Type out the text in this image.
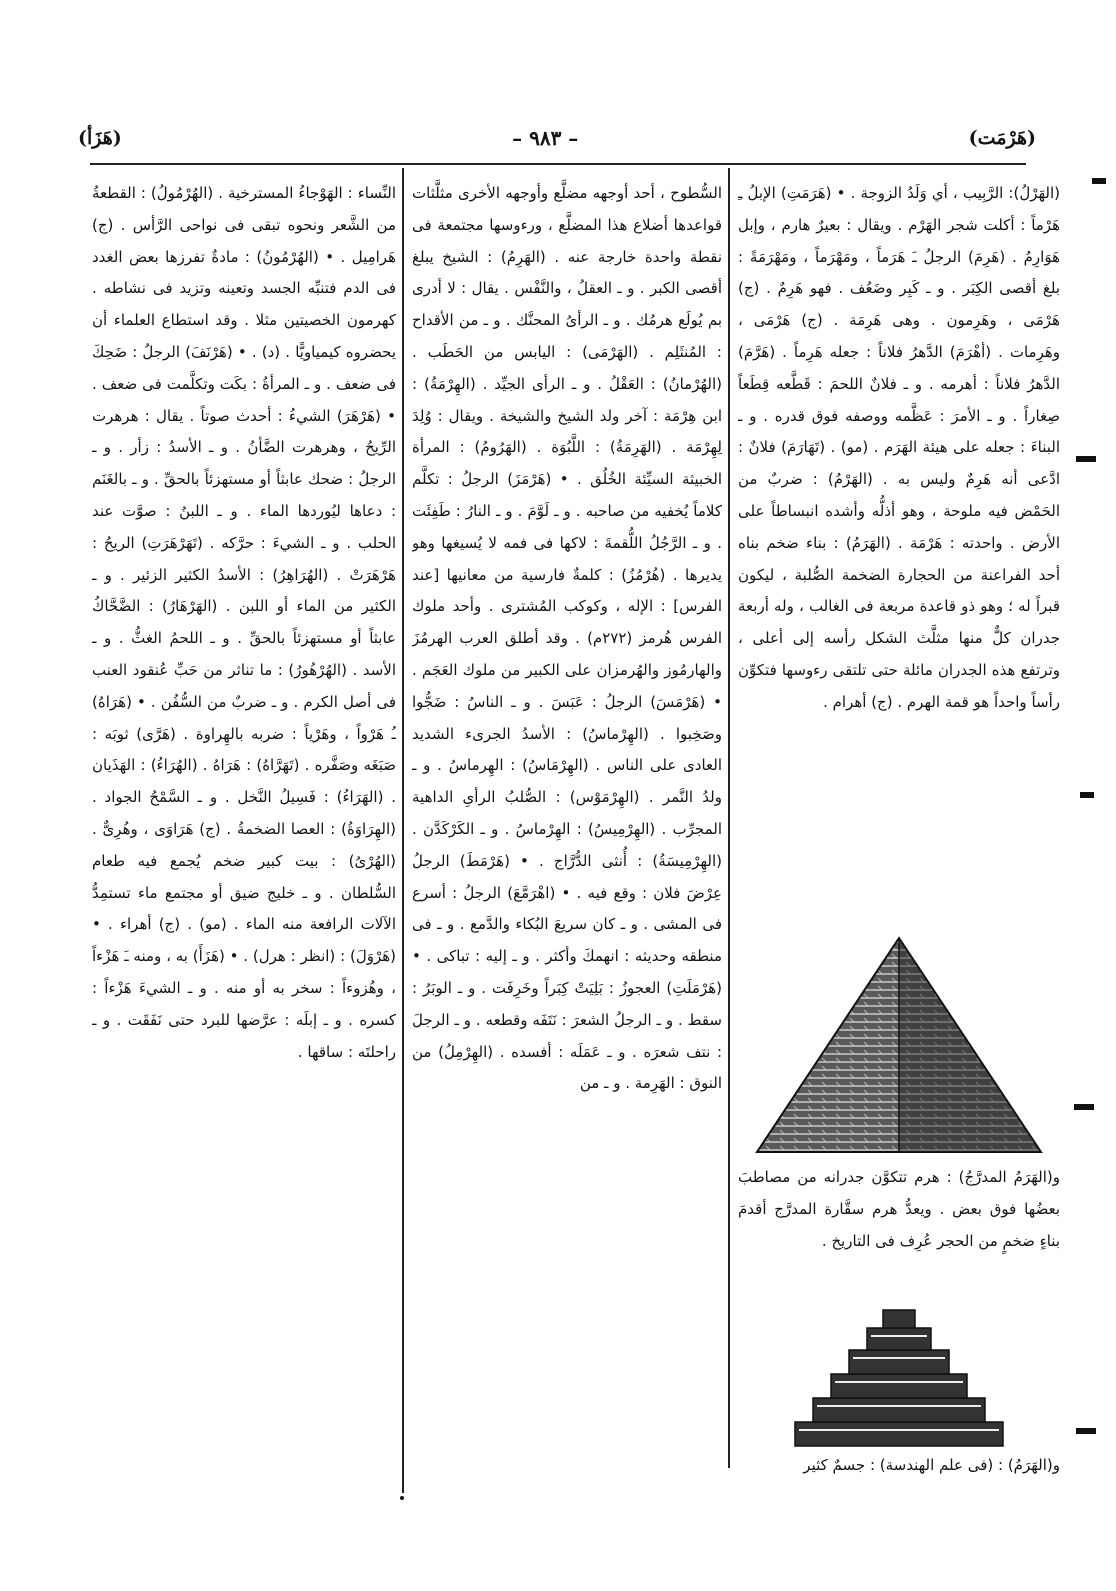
(هَرْمَت)
– ٩٨٣ –
(هَزَأ)

(الهَرْلُ): الرَّبِيب ، أي وَلَدُ الزوجة . • (هَرَمَتِ) الإبلُ ـِ هَرْماً : أكلت شجر الهَرْم . ويقال : بعيرٌ هارم ، وإبل هَوَارِمُ . (هَرِمَ) الرجلُ ـَ هَرَماً ، ومَهْرَماً ، ومَهْرَمَةً : بلغ أقصى الكِبَر . و ـ كَبِر وضَعُف . فهو هَرِمٌ . (ج) هَرْمَى ، وهَرِمون . وهى هَرِمَة . (ج) هَرْمَى ، وهَرِمات . (أهْرَمَ) الدَّهرُ فلاناً : جعله هَرِماً . (هَرَّمَ) الدَّهرُ فلاناً : أهرمه . و ـ فلانٌ اللحمَ : قَطَّعه قِطَعاً صِغاراً . و ـ الأمرَ : عَظَّمه ووصفه فوق قدره . و ـ البناءَ : جعله على هيئة الهَرَم . (مو) . (تَهَارَمَ) فلانٌ : ادَّعى أنه هَرِمٌ وليس به . (الهَرْمُ) : ضربٌ من الحَمْض فيه ملوحة ، وهو أذلُّه وأشده انبساطاً على الأرض . واحدته : هَرْمَة . (الهَرَمُ) : بناء ضخم بناه أحد الفراعنة من الحجارة الضخمة الصُّلبة ، ليكون قبراً له ؛ وهو ذو قاعدة مربعة فى الغالب ، وله أربعة جدران كلٌّ منها مثلَّث الشكل رأسه إلى أعلى ، وترتفع هذه الجدران مائلة حتى تلتقى رءوسها فتكوِّن رأساً واحداً هو قمة الهرم . (ج) أهرام .

و(الهَرَمُ المدرَّجُ) : هرم تتكوَّن جدرانه من مصاطبَ بعضُها فوق بعض . ويعدُّ هرم سقَّارة المدرَّج أقدمَ بناءٍ ضخمٍ من الحجر عُرِف فى التاريخ .

و(الهَرَمُ) : (فى علم الهندسة) : جسمٌ كثير

السُّطوح ، أحد أوجهه مضلَّع وأوجهه الأخرى مثلَّثات قواعدها أضلاع هذا المضلَّع ، ورءوسها مجتمعة فى نقطة واحدة خارجة عنه . (الهَرِمُ) : الشيخ يبلغ أقصى الكبر . و ـ العقلُ ، والنَّفْس . يقال : لا أدرى بم يُولَع هرمُك . و ـ الرأىُ المحنَّك . و ـ من الأقداح : المُنثَلِم . (الهَرْمَى) : اليابس من الحَطَب . (الهُرْمانُ) : العَقْلُ . و ـ الرأى الجيِّد . (الهِرْمَةُ) : ابن هِرْمَة : آخر ولد الشيخ والشيخة . ويقال : وُلِدَ لِهِرْمَة . (الهَرِمَةُ) : اللَّبُوَة . (الهَرُومُ) : المرأة الخبيثة السيِّئة الخُلُق . • (هَرْمَزَ) الرجلُ : تكلَّم كلاماً يُخفيه من صاحبه . و ـ لَوَّمَ . و ـ النارُ : طَفِئَت . و ـ الرَّجُلُ اللُّقمةَ : لاكها فى فمه لا يُسيغها وهو يديرها . (هُرْمُزُ) : كلمةٌ فارسية من معانيها [عند الفرس] : الإله ، وكوكب المُشترى . وأحد ملوك الفرس هُرمز (٢٧٢م) . وقد أطلق العرب الهرمُزَ والهارمُوز والهُرمزان على الكبير من ملوك العَجَم . • (هَرْمَسَ) الرجلُ : عَبَسَ . و ـ الناسُ : ضَجُّوا وصَخِبوا . (الهِرْماسُ) : الأسدُ الجرىء الشديد العادى على الناس . (الهِرْمَاسُ) : الهِرماسُ . و ـ ولدُ النَّمر . (الهِرْمَوْس) : الصُّلبُ الرأىِ الداهية المجرِّب . (الهِرْمِيسُ) : الهِرْماسُ . و ـ الكَرْكَدَّن . (الهِرْمِيسَةُ) : أُنثى الدُّرَّاج . • (هَرْمَطَ) الرجلُ عِرْضَ فلان : وقع فيه . • (اهْرَمَّعَ) الرجلُ : أسرع فى المشى . و ـ كان سريعَ البُكاء والدَّمع . و ـ فى منطقه وحديثه : انهمكَ وأكثر . و ـ إليه : تباكى . • (هَرْمَلَتِ) العجوزُ : بَلِيَتْ كِبَراً وخَرِفَت . و ـ الوبَرُ : سقط . و ـ الرجلُ الشعرَ : نَتَفَه وقطعه . و ـ الرجلَ : نتف شعرَه . و ـ عَمَلَه : أفسده . (الهِرْمِلُ) من النوق : الهَرِمة . و ـ من

النِّساء : الهَوْجاءُ المسترخية . (الهُرْمُولُ) : القطعةُ من الشَّعر ونحوه تبقى فى نواحى الرَّأس . (ج) هَرامِيل . • (الهُرْمُونُ) : مادةٌ تفرزها بعض الغدد فى الدم فتنبِّه الجسد وتعينه وتزيد فى نشاطه . كهرمون الخصيتين مثلا . وقد استطاع العلماء أن يحضروه كيمياويًّا . (د) . • (هَرْنَفَ) الرجلُ : ضَحِكَ فى ضعف . و ـ المرأةُ : بكَت وتكلَّمت فى ضعف . • (هَرْهَرَ) الشيءُ : أحدث صوتاً . يقال : هرهرت الرِّيحُ ، وهرهرت الضَّأنُ . و ـ الأسدُ : زأر . و ـ الرجلُ : ضحك عابثاً أو مستهزئاً بالحقِّ . و ـ بالغَنَم : دعاها ليُوردها الماء . و ـ اللبنُ : صوَّت عند الحلب . و ـ الشيءَ : حرَّكه . (تَهَرْهَرَتِ) الريحُ : هَرْهَرَتْ . (الهُرَاهِرُ) : الأسدُ الكثير الزئير . و ـ الكثير من الماء أو اللبن . (الهَرْهَارُ) : الضَّحَّاكُ عابثاً أو مستهزئاً بالحقِّ . و ـ اللحمُ الغثُّ . و ـ الأسد . (الهُرْهُورُ) : ما تناثر من حَبِّ عُنقود العنب فى أصل الكرم . و ـ ضربٌ من السُّفُن . • (هَرَاهُ) ـُ هَرْواً ، وهَرْياً : ضربه بالهِراوة . (هَرَّى) ثوبَه : صَبَغَه وصَفَّره . (تَهَرَّاهُ) : هَرَاهُ . (الهُرَاءُ) : الهَذَيان . (الهَرَاءُ) : فَسِيلُ النَّخل . و ـ السَّمْحُ الجواد . (الهِرَاوَةُ) : العصا الضخمةُ . (ج) هَرَاوَى ، وهُرِىٌّ . (الهُرْىُ) : بيت كبير ضخم يُجمع فيه طعام السُّلطان . و ـ خليج ضيق أو مجتمع ماء تستمِدُّ الآلات الرافعة منه الماء . (مو) . (ج) أهراء . • (هَرْوَلَ) : (انظر : هرل) . • (هَزَأَ) به ، ومنه ـَ هَزْءاً ، وهُزوءاً : سخر به أو منه . و ـ الشيءَ هَزْءاً : كسره . و ـ إبلَه : عرَّضها للبرد حتى نَفَقَت . و ـ راحلتَه : ساقها .
